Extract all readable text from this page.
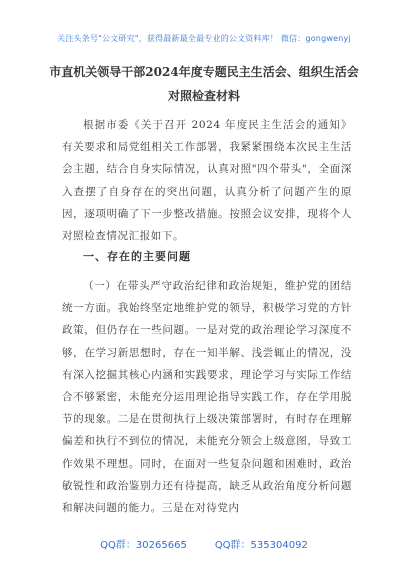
关注头条号"公文研究"，获得最新最全最专业的公文资料库！ 微信：gongwenyj
市直机关领导干部2024年度专题民主生活会、组织生活会
对照检查材料
根据市委《关于召开 2024 年度民主生活会的通知》有关要求和局党组相关工作部署，我紧紧围绕本次民主生活会主题，结合自身实际情况，认真对照"四个带头"，全面深入查摆了自身存在的突出问题，认真分析了问题产生的原因，逐项明确了下一步整改措施。按照会议安排，现将个人对照检查情况汇报如下。
一、存在的主要问题
（一）在带头严守政治纪律和政治规矩，维护党的团结统一方面。我始终坚定地维护党的领导，积极学习党的方针政策，但仍存在一些问题。一是对党的政治理论学习深度不够，在学习新思想时，存在一知半解、浅尝辄止的情况，没有深入挖掘其核心内涵和实践要求，理论学习与实际工作结合不够紧密，未能充分运用理论指导实践工作，存在学用脱节的现象。二是在贯彻执行上级决策部署时，有时存在理解偏差和执行不到位的情况，未能充分领会上级意图，导致工作效果不理想。同时，在面对一些复杂问题和困难时，政治敏锐性和政治鉴别力还有待提高，缺乏从政治角度分析问题和解决问题的能力。三是在对待党内
QQ群：30265665	QQ群：535304092
